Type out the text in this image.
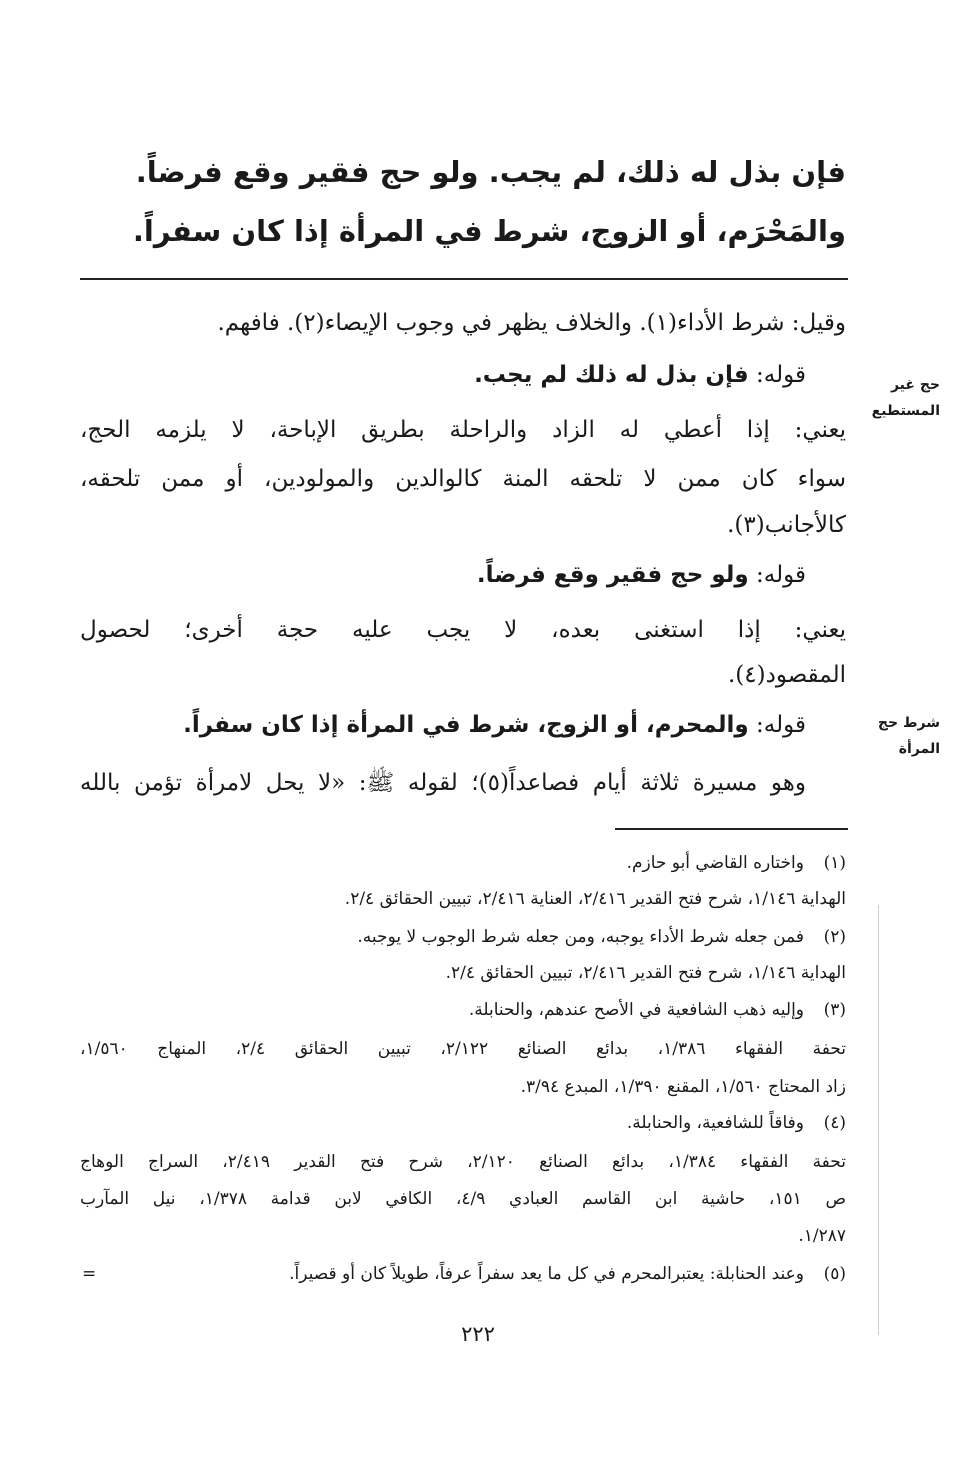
فإن بذل له ذلك، لم يجب. ولو حج فقير وقع فرضاً.
والمَحْرَم، أو الزوج، شرط في المرأة إذا كان سفراً.
وقيل: شرط الأداء(١). والخلاف يظهر في وجوب الإيصاء(٢). فافهم.
قوله: فإن بذل له ذلك لم يجب.
يعني: إذا أعطي له الزاد والراحلة بطريق الإباحة، لا يلزمه الحج،
سواء كان ممن لا تلحقه المنة كالوالدين والمولودين، أو ممن تلحقه،
كالأجانب(٣).
قوله: ولو حج فقير وقع فرضاً.
يعني: إذا استغنى بعده، لا يجب عليه حجة أخرى؛ لحصول
المقصود(٤).
قوله: والمحرم، أو الزوج، شرط في المرأة إذا كان سفراً.
وهو مسيرة ثلاثة أيام فصاعداً(٥)؛ لقوله ﷺ: «لا يحل لامرأة تؤمن بالله
حج غير
المستطيع
شرط حج
المرأة
(١)
واختاره القاضي أبو حازم.
الهداية ١/١٤٦، شرح فتح القدير ٢/٤١٦، العناية ٢/٤١٦، تبيين الحقائق ٢/٤.
(٢)
فمن جعله شرط الأداء يوجبه، ومن جعله شرط الوجوب لا يوجبه.
الهداية ١/١٤٦، شرح فتح القدير ٢/٤١٦، تبيين الحقائق ٢/٤.
(٣)
وإليه ذهب الشافعية في الأصح عندهم، والحنابلة.
تحفة الفقهاء ١/٣٨٦، بدائع الصنائع ٢/١٢٢، تبيين الحقائق ٢/٤، المنهاج ١/٥٦٠،
زاد المحتاج ١/٥٦٠، المقنع ١/٣٩٠، المبدع ٣/٩٤.
(٤)
وفاقاً للشافعية، والحنابلة.
تحفة الفقهاء ١/٣٨٤، بدائع الصنائع ٢/١٢٠، شرح فتح القدير ٢/٤١٩، السراج الوهاج
ص ١٥١، حاشية ابن القاسم العبادي ٤/٩، الكافي لابن قدامة ١/٣٧٨، نيل المآرب
١/٢٨٧.
(٥)
وعند الحنابلة: يعتبرالمحرم في كل ما يعد سفراً عرفاً، طويلاً كان أو قصيراً.
=
٢٢٢
